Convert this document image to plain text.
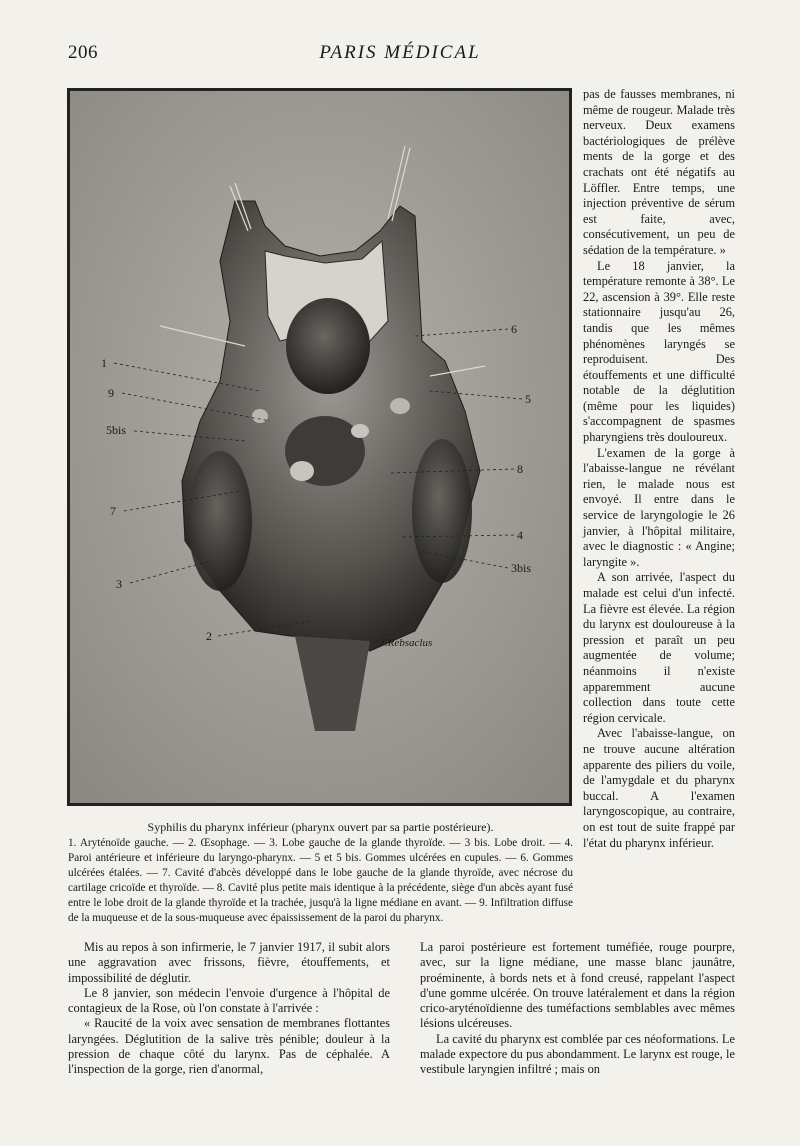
206	PARIS MÉDICAL
1
9
5bis
7
3
2
6
5
8
4
3bis
J.Rebsaclus
Syphilis du pharynx inférieur (pharynx ouvert par sa partie postérieure).
1. Aryténoïde gauche. — 2. Œsophage. — 3. Lobe gauche de la glande thyroïde. — 3 bis. Lobe droit. — 4. Paroi antérieure et inférieure du laryngo-pharynx. — 5 et 5 bis. Gommes ulcérées en cupules. — 6. Gommes ulcérées étalées. — 7. Cavité d'abcès développé dans le lobe gauche de la glande thyroïde, avec nécrose du cartilage cricoïde et thyroïde. — 8. Cavité plus petite mais identique à la précédente, siège d'un abcès ayant fusé entre le lobe droit de la glande thyroïde et la trachée, jusqu'à la ligne médiane en avant. — 9. Infiltration diffuse de la muqueuse et de la sous-muqueuse avec épaississement de la paroi du pharynx.

pas de fausses membranes, ni même de rougeur. Malade très nerveux. Deux examens bactériologiques de prélève ments de la gorge et des crachats ont été négatifs au Löffler. Entre temps, une injection préventive de sérum est faite, avec, consécutivement, un peu de sédation de la température. »

Le 18 janvier, la température remonte à 38°. Le 22, ascension à 39°. Elle reste stationnaire jusqu'au 26, tandis que les mêmes phénomènes laryngés se reproduisent. Des étouffements et une difficulté notable de la déglutition (même pour les liquides) s'accompagnent de spasmes pharyngiens très douloureux.

L'examen de la gorge à l'abaisse-langue ne révélant rien, le malade nous est envoyé. Il entre dans le service de laryngologie le 26 janvier, à l'hôpital militaire, avec le diagnostic : « Angine; laryngite ».

A son arrivée, l'aspect du malade est celui d'un infecté. La fièvre est élevée. La région du larynx est douloureuse à la pression et paraît un peu augmentée de volume; néanmoins il n'existe apparemment aucune collection dans toute cette région cervicale.

Avec l'abaisse-langue, on ne trouve aucune altération apparente des piliers du voile, de l'amygdale et du pharynx buccal. A l'examen laryngoscopique, au contraire, on est tout de suite frappé par l'état du pharynx inférieur.

Mis au repos à son infirmerie, le 7 janvier 1917, il subit alors une aggravation avec frissons, fièvre, étouffements, et impossibilité de déglutir.

Le 8 janvier, son médecin l'envoie d'urgence à l'hôpital de contagieux de la Rose, où l'on constate à l'arrivée :

« Raucité de la voix avec sensation de membranes flottantes laryngées. Déglutition de la salive très pénible; douleur à la pression de chaque côté du larynx. Pas de céphalée. A l'inspection de la gorge, rien d'anormal,

La paroi postérieure est fortement tuméfiée, rouge pourpre, avec, sur la ligne médiane, une masse blanc jaunâtre, proéminente, à bords nets et à fond creusé, rappelant l'aspect d'une gomme ulcérée. On trouve latéralement et dans la région crico-aryténoïdienne des tuméfactions semblables avec mêmes lésions ulcéreuses.

La cavité du pharynx est comblée par ces néoformations. Le malade expectore du pus abondamment. Le larynx est rouge, le vestibule laryngien infiltré ; mais on
